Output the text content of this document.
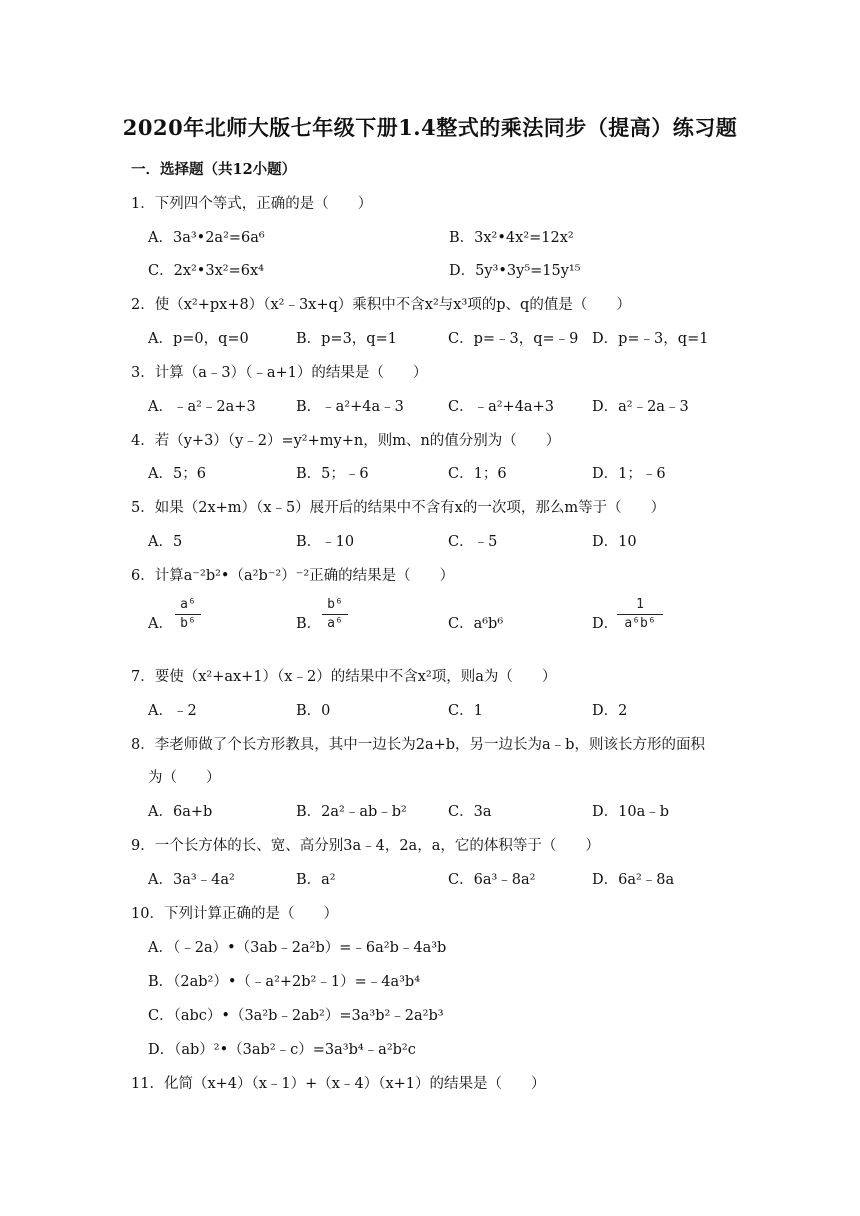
2020年北师大版七年级下册1.4整式的乘法同步（提高）练习题
一．选择题（共12小题）
1．下列四个等式，正确的是（　　）
A．3a³•2a²=6a⁶	B．3x²•4x²=12x²
C．2x²•3x²=6x⁴	D．5y³•3y⁵=15y¹⁵
2．使（x²+px+8）（x²﹣3x+q）乘积中不含x²与x³项的p、q的值是（　　）
A．p=0，q=0	B．p=3，q=1	C．p=﹣3，q=﹣9 D．p=﹣3，q=1
3．计算（a﹣3）（﹣a+1）的结果是（　　）
A．﹣a²﹣2a+3	B．﹣a²+4a﹣3	C．﹣a²+4a+3	D．a²﹣2a﹣3
4．若（y+3）（y﹣2）=y²+my+n，则m、n的值分别为（　　）
A．5；6	B．5；﹣6	C．1；6	D．1；﹣6
5．如果（2x+m）（x﹣5）展开后的结果中不含有x的一次项，那么m等于（　　）
A．5	B．﹣10	C．﹣5	D．10
6．计算a⁻²b²•（a²b⁻²）⁻²正确的结果是（　　）
A．
a⁶
b⁶	B．
b⁶
a⁶	C．a⁶b⁶	D．
1
a⁶b⁶
7．要使（x²+ax+1）（x﹣2）的结果中不含x²项，则a为（　　）
A．﹣2	B．0	C．1	D．2
8．李老师做了个长方形教具，其中一边长为2a+b，另一边长为a﹣b，则该长方形的面积
为（　　）
A．6a+b	B．2a²﹣ab﹣b²	C．3a	D．10a﹣b
9．一个长方体的长、宽、高分别3a﹣4，2a，a，它的体积等于（　　）
A．3a³﹣4a²	B．a²	C．6a³﹣8a²	D．6a²﹣8a
10．下列计算正确的是（　　）
A．（﹣2a）•（3ab﹣2a²b）=﹣6a²b﹣4a³b
B．（2ab²）•（﹣a²+2b²﹣1）=﹣4a³b⁴
C．（abc）•（3a²b﹣2ab²）=3a³b²﹣2a²b³
D．（ab）²•（3ab²﹣c）=3a³b⁴﹣a²b²c
11．化简（x+4）（x﹣1）+（x﹣4）（x+1）的结果是（　　）
